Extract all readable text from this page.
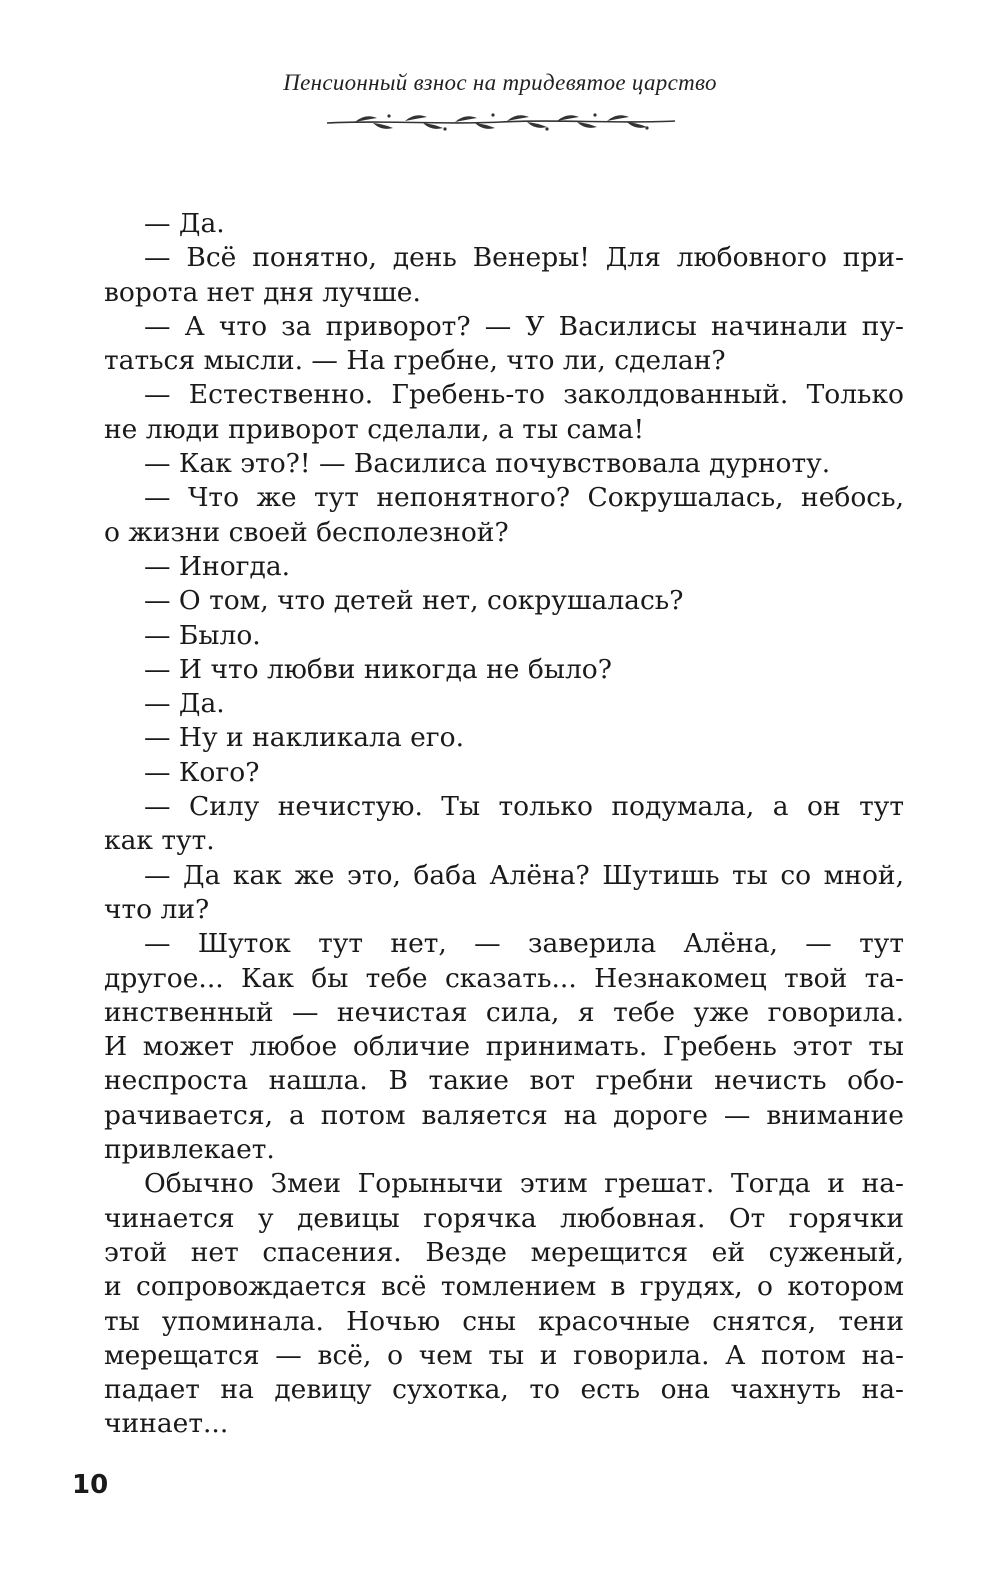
Пенсионный взнос на тридевятое царство
— Да.
— Всё понятно, день Венеры! Для любовного при-
ворота нет дня лучше.
— А что за приворот? — У Василисы начинали пу-
таться мысли. — На гребне, что ли, сделан?
— Естественно. Гребень-то заколдованный. Только
не люди приворот сделали, а ты сама!
— Как это?! — Василиса почувствовала дурноту.
— Что же тут непонятного? Сокрушалась, небось,
о жизни своей бесполезной?
— Иногда.
— О том, что детей нет, сокрушалась?
— Было.
— И что любви никогда не было?
— Да.
— Ну и накликала его.
— Кого?
— Силу нечистую. Ты только подумала, а он тут
как тут.
— Да как же это, баба Алёна? Шутишь ты со мной,
что ли?
— Шуток тут нет, — заверила Алёна, — тут
другое... Как бы тебе сказать... Незнакомец твой та-
инственный — нечистая сила, я тебе уже говорила.
И может любое обличие принимать. Гребень этот ты
неспроста нашла. В такие вот гребни нечисть обо-
рачивается, а потом валяется на дороге — внимание
привлекает.
Обычно Змеи Горынычи этим грешат. Тогда и на-
чинается у девицы горячка любовная. От горячки
этой нет спасения. Везде мерещится ей суженый,
и сопровождается всё томлением в грудях, о котором
ты упоминала. Ночью сны красочные снятся, тени
мерещатся — всё, о чем ты и говорила. А потом на-
падает на девицу сухотка, то есть она чахнуть на-
чинает...
10
